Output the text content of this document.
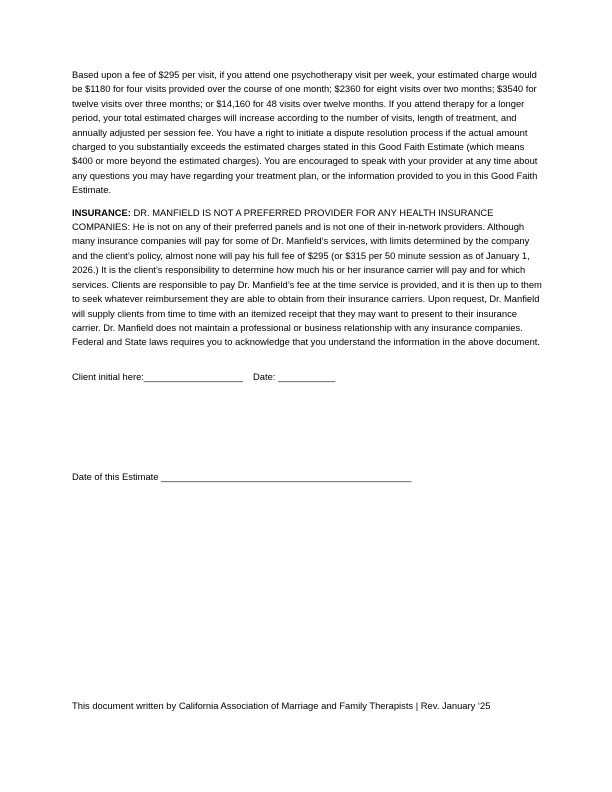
Based upon a fee of $295 per visit, if you attend one psychotherapy visit per week, your estimated charge would be $1180 for four visits provided over the course of one month; $2360 for eight visits over two months; $3540 for twelve visits over three months; or $14,160 for 48 visits over twelve months. If you attend therapy for a longer period, your total estimated charges will increase according to the number of visits, length of treatment, and annually adjusted per session fee. You have a right to initiate a dispute resolution process if the actual amount charged to you substantially exceeds the estimated charges stated in this Good Faith Estimate (which means $400 or more beyond the estimated charges). You are encouraged to speak with your provider at any time about any questions you may have regarding your treatment plan, or the information provided to you in this Good Faith Estimate.

INSURANCE: DR. MANFIELD IS NOT A PREFERRED PROVIDER FOR ANY HEALTH INSURANCE COMPANIES: He is not on any of their preferred panels and is not one of their in-network providers. Although many insurance companies will pay for some of Dr. Manfield’s services, with limits determined by the company and the client’s policy, almost none will pay his full fee of $295 (or $315 per 50 minute session as of January 1, 2026.) It is the client’s responsibility to determine how much his or her insurance carrier will pay and for which services. Clients are responsible to pay Dr. Manfield’s fee at the time service is provided, and it is then up to them to seek whatever reimbursement they are able to obtain from their insurance carriers. Upon request, Dr. Manfield will supply clients from time to time with an itemized receipt that they may want to present to their insurance carrier. Dr. Manfield does not maintain a professional or business relationship with any insurance companies. Federal and State laws requires you to acknowledge that you understand the information in the above document.

Client initial here:___________________ Date: ___________

Date of this Estimate ________________________________________________

This document written by California Association of Marriage and Family Therapists | Rev. January ‘25
